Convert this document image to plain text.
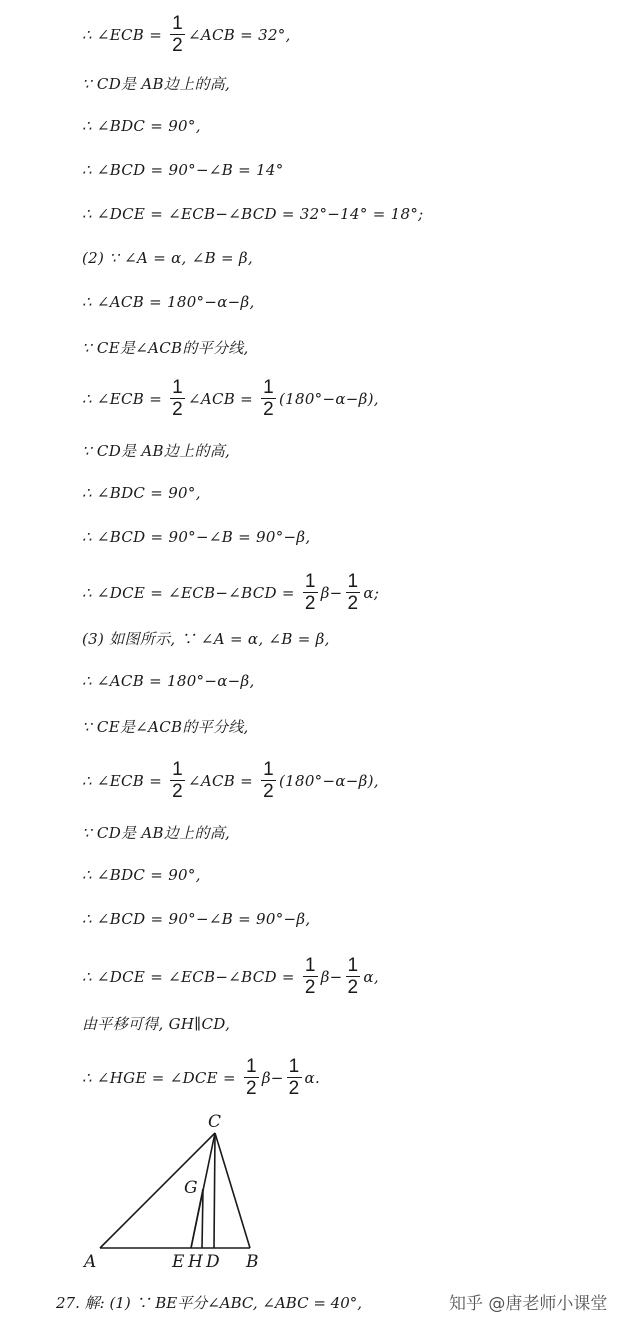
∴ ∠ECB = $\frac{1}{2}$ ∠ACB = 32°,
∵ CD是 AB边上的高,
∴ ∠BDC = 90°,
∴ ∠BCD = 90°−∠B = 14°
∴ ∠DCE = ∠ECB−∠BCD = 32°−14° = 18°;
(2) ∵ ∠A = α, ∠B = β,
∴ ∠ACB = 180°−α−β,
∵ CE是∠ACB的平分线,
∴ ∠ECB = $\frac{1}{2}$ ∠ACB = $\frac{1}{2} (180^\circ-\alpha-\beta)$,
∵ CD是 AB边上的高,
∴ ∠BDC = 90°,
∴ ∠BCD = 90°−∠B = 90°−β,
∴ ∠DCE = ∠ECB−∠BCD = $\frac{1}{2} \beta- \frac{1}{2} \alpha$;
(3) 如图所示, ∵ ∠A = α, ∠B = β,
∴ ∠ACB = 180°−α−β,
∵ CE是∠ACB的平分线,
∴ ∠ECB = $\frac{1}{2}$ ∠ACB = $\frac{1}{2} (180^\circ-\alpha-\beta)$,
∵ CD是 AB边上的高,
∴ ∠BDC = 90°,
∴ ∠BCD = 90°−∠B = 90°−β,
∴ ∠DCE = ∠ECB−∠BCD = $\frac{1}{2} \beta- \frac{1}{2} \alpha$,
由平移可得, GH∥CD,
∴ ∠HGE = ∠DCE = $\frac{1}{2} \beta- \frac{1}{2} \alpha$.
C
G
A	E H D B
27. 解: (1) ∵ BE平分∠ABC, ∠ABC = 40°,	知乎 @唐老师小课堂
